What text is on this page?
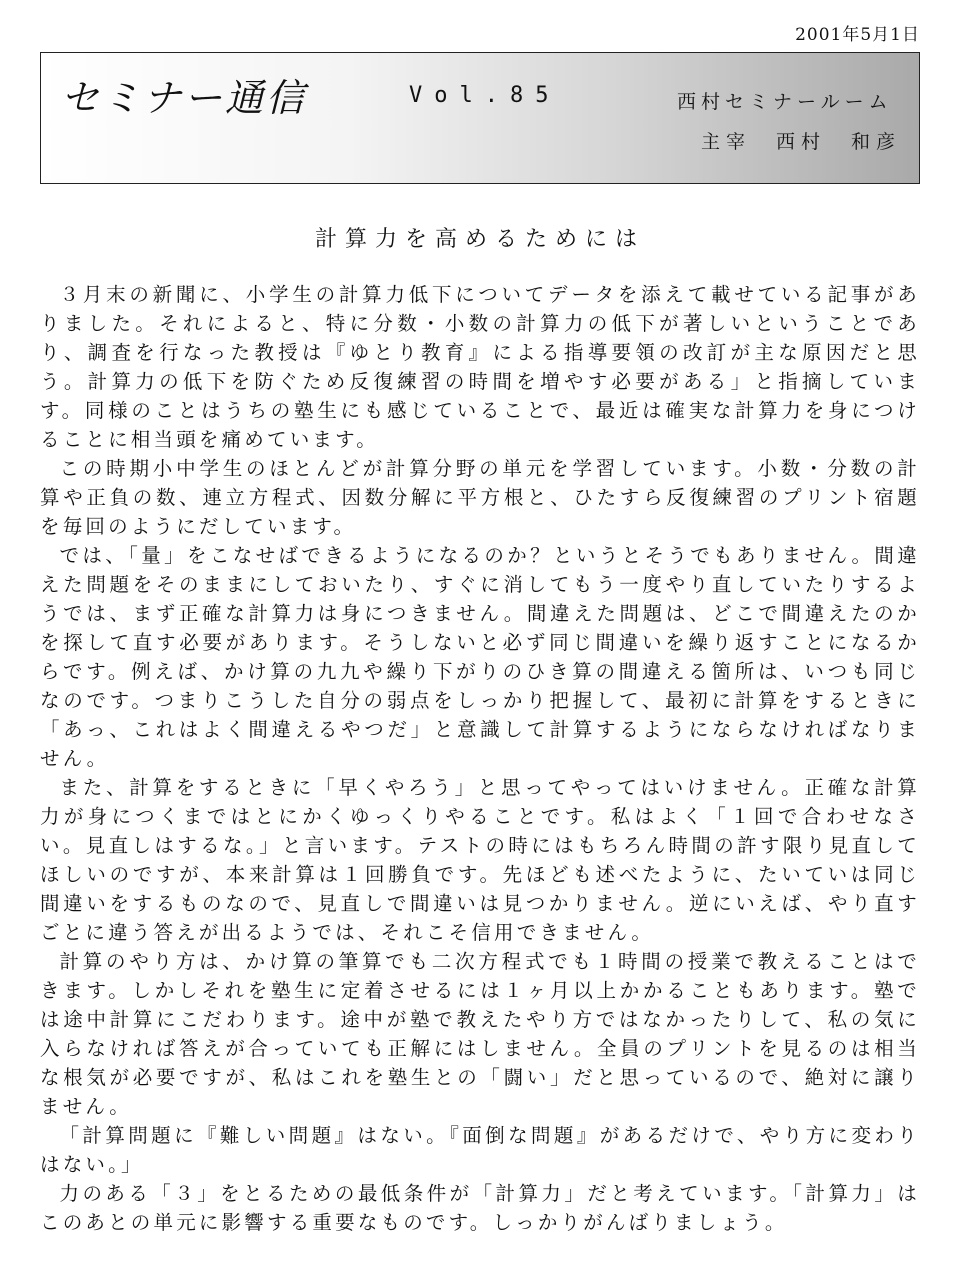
2001年5月1日
セミナー通信	Vol.85	西村セミナールーム
主宰　西村　和彦
計算力を高めるためには

３月末の新聞に、小学生の計算力低下についてデータを添えて載せている記事がありました。それによると、特に分数・小数の計算力の低下が著しいということであり、調査を行なった教授は『ゆとり教育』による指導要領の改訂が主な原因だと思う。計算力の低下を防ぐため反復練習の時間を増やす必要がある」と指摘しています。同様のことはうちの塾生にも感じていることで、最近は確実な計算力を身につけることに相当頭を痛めています。

この時期小中学生のほとんどが計算分野の単元を学習しています。小数・分数の計算や正負の数、連立方程式、因数分解に平方根と、ひたすら反復練習のプリント宿題を毎回のようにだしています。

では、「量」をこなせばできるようになるのか？というとそうでもありません。間違えた問題をそのままにしておいたり、すぐに消してもう一度やり直していたりするようでは、まず正確な計算力は身につきません。間違えた問題は、どこで間違えたのかを探して直す必要があります。そうしないと必ず同じ間違いを繰り返すことになるからです。例えば、かけ算の九九や繰り下がりのひき算の間違える箇所は、いつも同じなのです。つまりこうした自分の弱点をしっかり把握して、最初に計算をするときに「あっ、これはよく間違えるやつだ」と意識して計算するようにならなければなりません。

また、計算をするときに「早くやろう」と思ってやってはいけません。正確な計算力が身につくまではとにかくゆっくりやることです。私はよく「１回で合わせなさい。見直しはするな。」と言います。テストの時にはもちろん時間の許す限り見直してほしいのですが、本来計算は１回勝負です。先ほども述べたように、たいていは同じ間違いをするものなので、見直しで間違いは見つかりません。逆にいえば、やり直すごとに違う答えが出るようでは、それこそ信用できません。

計算のやり方は、かけ算の筆算でも二次方程式でも１時間の授業で教えることはできます。しかしそれを塾生に定着させるには１ヶ月以上かかることもあります。塾では途中計算にこだわります。途中が塾で教えたやり方ではなかったりして、私の気に入らなければ答えが合っていても正解にはしません。全員のプリントを見るのは相当な根気が必要ですが、私はこれを塾生との「闘い」だと思っているので、絶対に譲りません。

「計算問題に『難しい問題』はない。『面倒な問題』があるだけで、やり方に変わりはない。」

力のある「３」をとるための最低条件が「計算力」だと考えています。「計算力」はこのあとの単元に影響する重要なものです。しっかりがんばりましょう。
